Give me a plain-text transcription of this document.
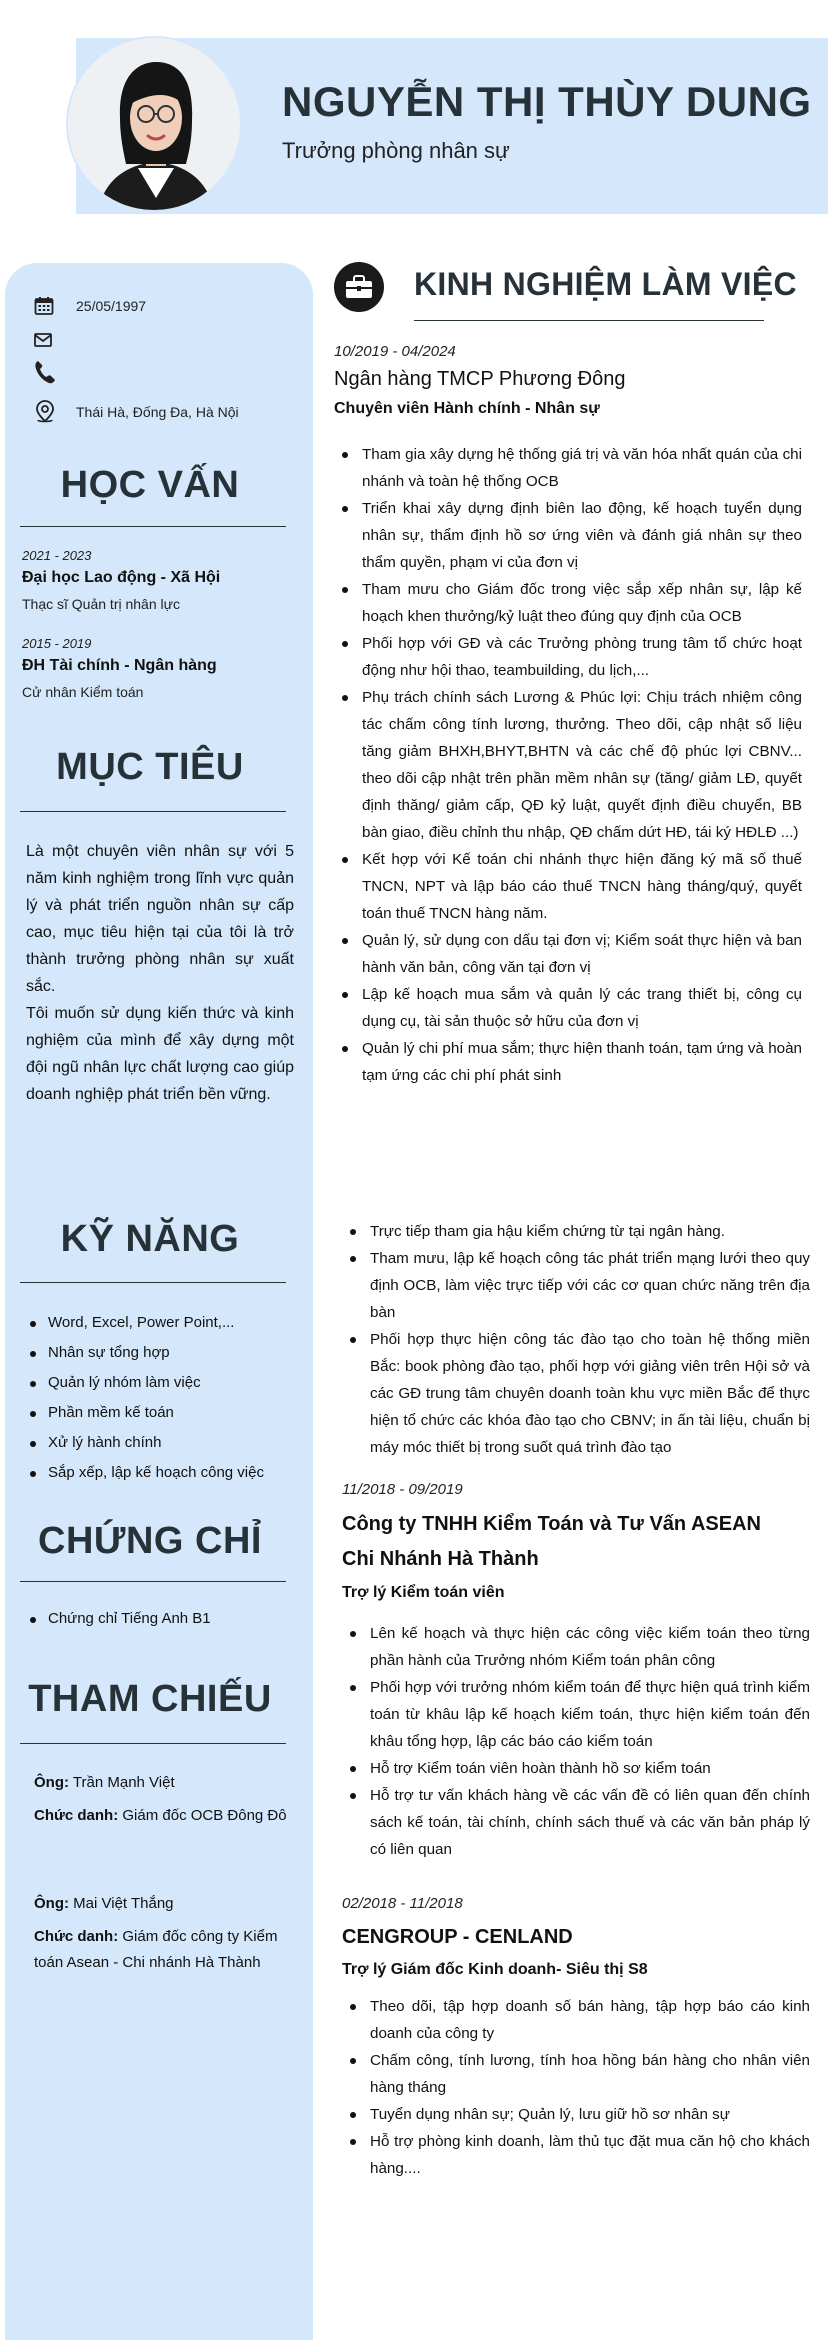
NGUYỄN THỊ THÙY DUNG
Trưởng phòng nhân sự
25/05/1997
Thái Hà, Đống Đa, Hà Nội
HỌC VẤN
2021 - 2023
Đại học Lao động - Xã Hội
Thạc sĩ Quản trị nhân lực
2015 - 2019
ĐH Tài chính - Ngân hàng
Cử nhân Kiểm toán
MỤC TIÊU

Là một chuyên viên nhân sự với 5 năm kinh nghiệm trong lĩnh vực quản lý và phát triển nguồn nhân sự cấp cao, mục tiêu hiện tại của tôi là trở thành trưởng phòng nhân sự xuất sắc.

Tôi muốn sử dụng kiến thức và kinh nghiệm của mình để xây dựng một đội ngũ nhân lực chất lượng cao giúp doanh nghiệp phát triển bền vững.

KỸ NĂNG
Word, Excel, Power Point,...
Nhân sự tổng hợp
Quản lý nhóm làm việc
Phần mềm kế toán
Xử lý hành chính
Sắp xếp, lập kế hoạch công việc
CHỨNG CHỈ
Chứng chỉ Tiếng Anh B1
THAM CHIẾU
Ông: Trần Mạnh Việt
Chức danh: Giám đốc OCB Đông Đô
Ông: Mai Việt Thắng
Chức danh: Giám đốc công ty Kiểm toán Asean - Chi nhánh Hà Thành
KINH NGHIỆM LÀM VIỆC
10/2019 - 04/2024
Ngân hàng TMCP Phương Đông
Chuyên viên Hành chính - Nhân sự
Tham gia xây dựng hệ thống giá trị và văn hóa nhất quán của chi nhánh và toàn hệ thống OCB
Triển khai xây dựng định biên lao động, kế hoạch tuyển dụng nhân sự, thẩm định hồ sơ ứng viên và đánh giá nhân sự theo thẩm quyền, phạm vi của đơn vị
Tham mưu cho Giám đốc trong việc sắp xếp nhân sự, lập kế hoạch khen thưởng/kỷ luật theo đúng quy định của OCB
Phối hợp với GĐ và các Trưởng phòng trung tâm tổ chức hoạt động như hội thao, teambuilding, du lịch,...
Phụ trách chính sách Lương & Phúc lợi: Chịu trách nhiệm công tác chấm công tính lương, thưởng. Theo dõi, cập nhật số liệu tăng giảm BHXH,BHYT,BHTN và các chế độ phúc lợi CBNV... theo dõi cập nhật trên phần mềm nhân sự (tăng/ giảm LĐ, quyết định thăng/ giảm cấp, QĐ kỷ luật, quyết định điều chuyển, BB bàn giao, điều chỉnh thu nhập, QĐ chấm dứt HĐ, tái ký HĐLĐ ...)
Kết hợp với Kế toán chi nhánh thực hiện đăng ký mã số thuế TNCN, NPT và lập báo cáo thuế TNCN hàng tháng/quý, quyết toán thuế TNCN hàng năm.
Quản lý, sử dụng con dấu tại đơn vị; Kiểm soát thực hiện và ban hành văn bản, công văn tại đơn vị
Lập kế hoạch mua sắm và quản lý các trang thiết bị, công cụ dụng cụ, tài sản thuộc sở hữu của đơn vị
Quản lý chi phí mua sắm; thực hiện thanh toán, tạm ứng và hoàn tạm ứng các chi phí phát sinh
Trực tiếp tham gia hậu kiểm chứng từ tại ngân hàng.
Tham mưu, lập kế hoạch công tác phát triển mạng lưới theo quy định OCB, làm việc trực tiếp với các cơ quan chức năng trên địa bàn
Phối hợp thực hiện công tác đào tạo cho toàn hệ thống miền Bắc: book phòng đào tạo, phối hợp với giảng viên trên Hội sở và các GĐ trung tâm chuyên doanh toàn khu vực miền Bắc để thực hiện tổ chức các khóa đào tạo cho CBNV; in ấn tài liệu, chuẩn bị máy móc thiết bị trong suốt quá trình đào tạo
11/2018 - 09/2019
Công ty TNHH Kiểm Toán và Tư Vấn ASEAN
Chi Nhánh Hà Thành
Trợ lý Kiểm toán viên
Lên kế hoạch và thực hiện các công việc kiểm toán theo từng phần hành của Trưởng nhóm Kiểm toán phân công
Phối hợp với trưởng nhóm kiểm toán để thực hiện quá trình kiểm toán từ khâu lập kế hoạch kiểm toán, thực hiện kiểm toán đến khâu tổng hợp, lập các báo cáo kiểm toán
Hỗ trợ Kiểm toán viên hoàn thành hồ sơ kiểm toán
Hỗ trợ tư vấn khách hàng về các vấn đề có liên quan đến chính sách kế toán, tài chính, chính sách thuế và các văn bản pháp lý có liên quan
02/2018 - 11/2018
CENGROUP - CENLAND
Trợ lý Giám đốc Kinh doanh- Siêu thị S8
Theo dõi, tập hợp doanh số bán hàng, tập hợp báo cáo kinh doanh của công ty
Chấm công, tính lương, tính hoa hồng bán hàng cho nhân viên hàng tháng
Tuyển dụng nhân sự; Quản lý, lưu giữ hồ sơ nhân sự
Hỗ trợ phòng kinh doanh, làm thủ tục đặt mua căn hộ cho khách hàng....
